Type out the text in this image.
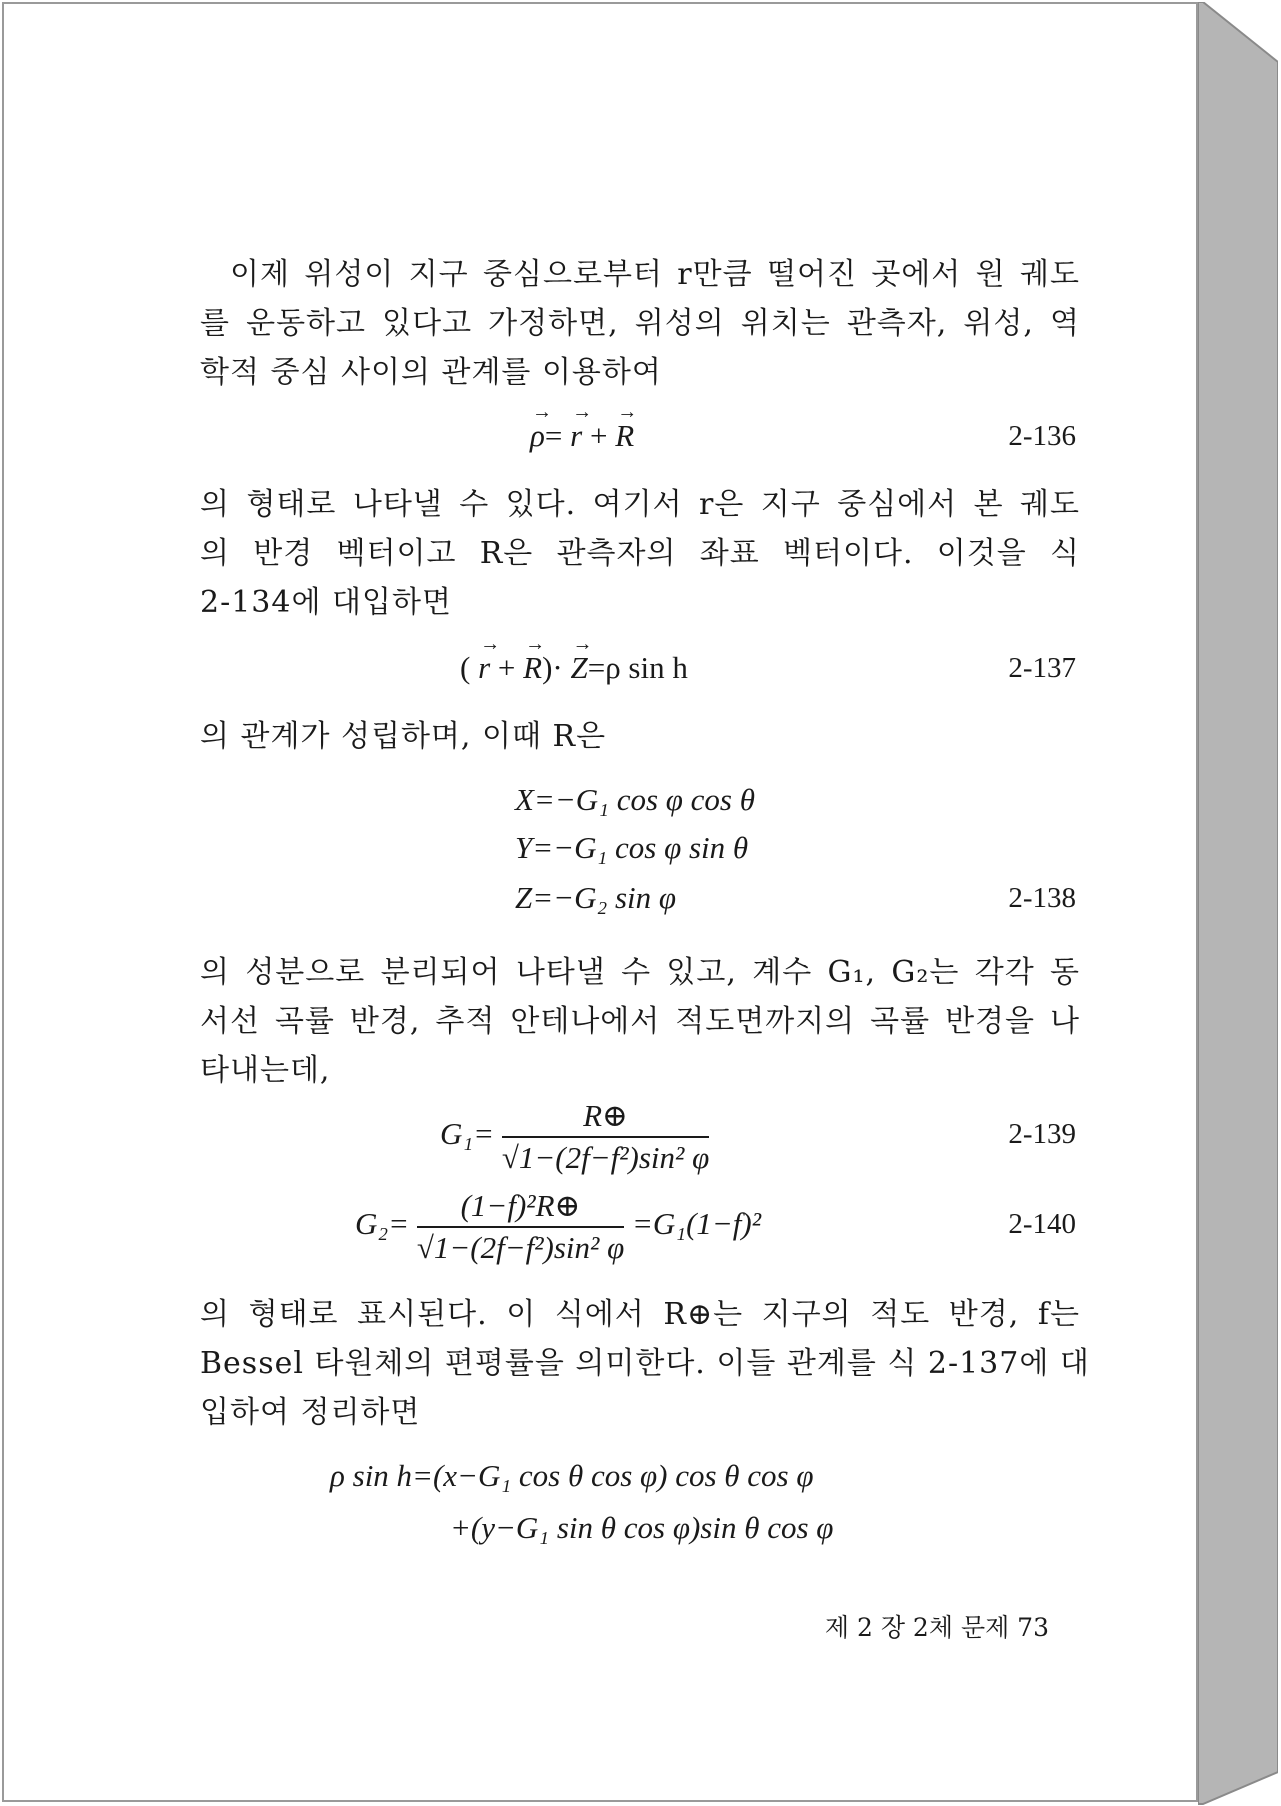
이제 위성이 지구 중심으로부터 r만큼 떨어진 곳에서 원 궤도
를 운동하고 있다고 가정하면, 위성의 위치는 관측자, 위성, 역
학적 중심 사이의 관계를 이용하여
→ ρ= → r + → R	2-136
의 형태로 나타낼 수 있다. 여기서 r은 지구 중심에서 본 궤도
의 반경 벡터이고 R은 관측자의 좌표 벡터이다. 이것을 식
2-134에 대입하면
( → r + → R)· → Z=ρ sin h	2-137
의 관계가 성립하며, 이때 R은
X=−G₁ cos φ cos θ
Y=−G₁ cos φ sin θ
Z=−G₂ sin φ	2-138
의 성분으로 분리되어 나타낼 수 있고, 계수 G₁, G₂는 각각 동
서선 곡률 반경, 추적 안테나에서 적도면까지의 곡률 반경을 나
타내는데,
$G_1= \frac{R\oplus}{\text{√1−(2f−f²)sin² φ}}$	2-139
$G_2= \frac{\text{(1−f)²R⊕}}{\text{√1−(2f−f²)sin² φ}} =G_1(1-f)^2$	2-140
의 형태로 표시된다. 이 식에서 R⊕는 지구의 적도 반경, f는
Bessel 타원체의 편평률을 의미한다. 이들 관계를 식 2-137에 대
입하여 정리하면
ρ sin h=(x−G₁ cos θ cos φ) cos θ cos φ
+(y−G₁ sin θ cos φ)sin θ cos φ
제 2 장 2체 문제 73
